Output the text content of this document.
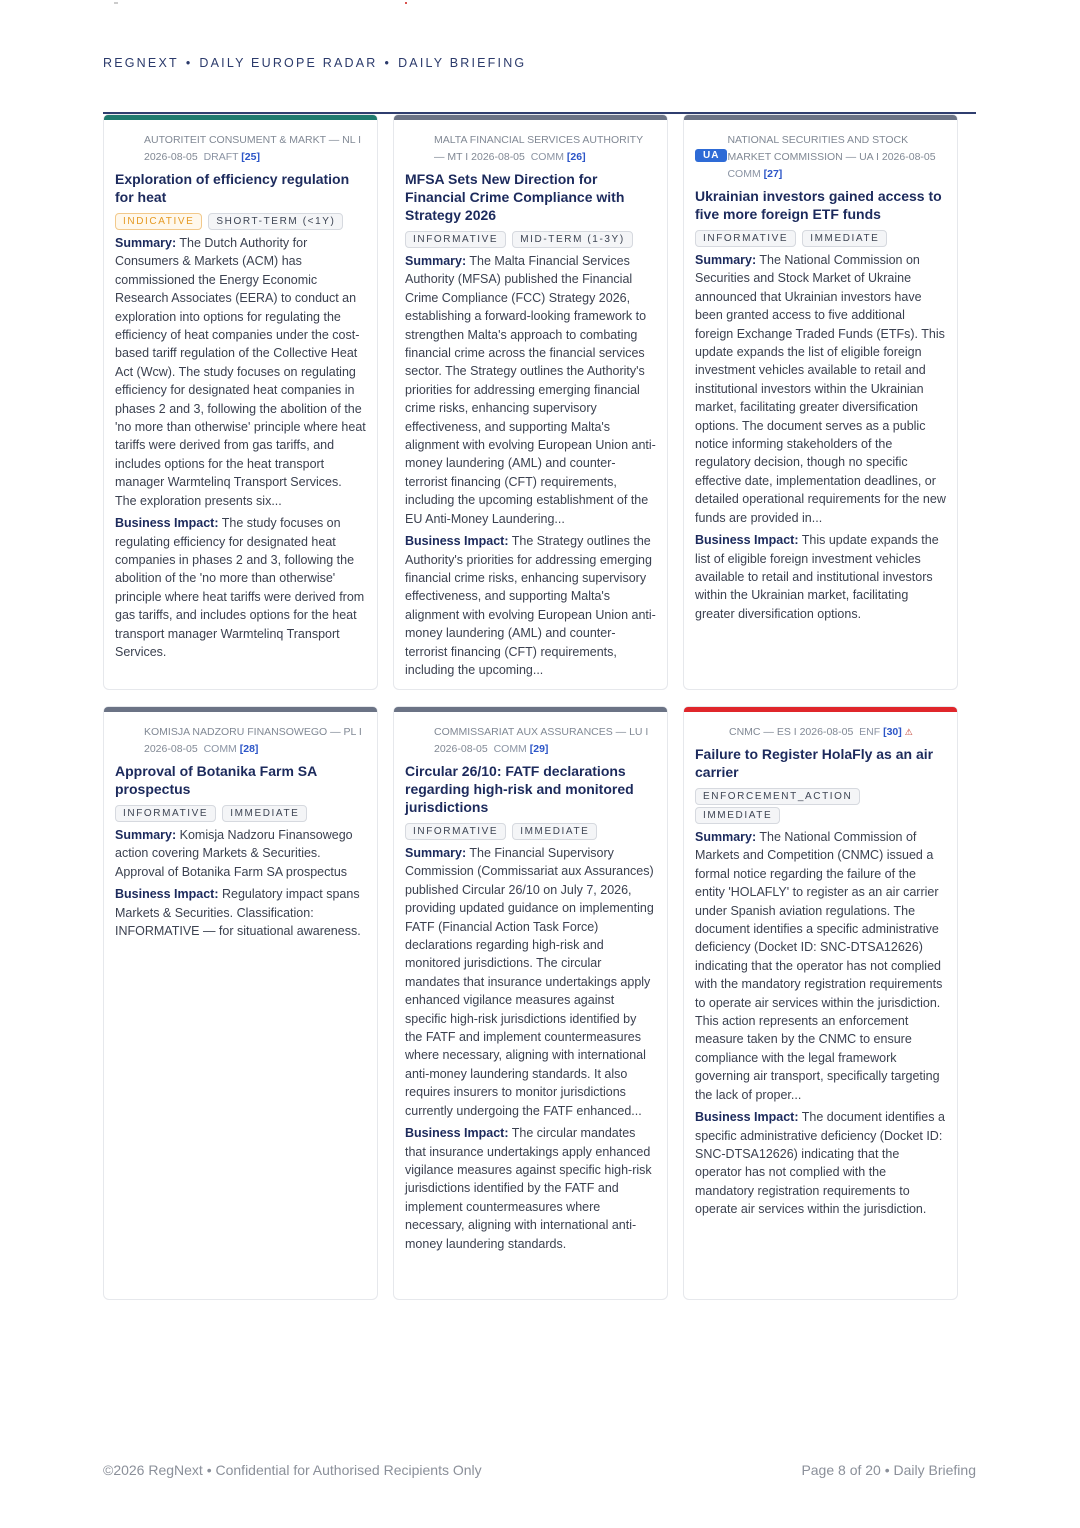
REGNEXT • DAILY EUROPE RADAR • DAILY BRIEFING
AUTORITEIT CONSUMENT & MARKT — NL I 2026-08-05 DRAFT [25]
Exploration of efficiency regulation for heat
INDICATIVE SHORT-TERM (<1Y)
Summary: The Dutch Authority for Consumers & Markets (ACM) has commissioned the Energy Economic Research Associates (EERA) to conduct an exploration into options for regulating the efficiency of heat companies under the cost-based tariff regulation of the Collective Heat Act (Wcw). The study focuses on regulating efficiency for designated heat companies in phases 2 and 3, following the abolition of the 'no more than otherwise' principle where heat tariffs were derived from gas tariffs, and includes options for the heat transport manager Warmtelinq Transport Services. The exploration presents six...
Business Impact: The study focuses on regulating efficiency for designated heat companies in phases 2 and 3, following the abolition of the 'no more than otherwise' principle where heat tariffs were derived from gas tariffs, and includes options for the heat transport manager Warmtelinq Transport Services.
MALTA FINANCIAL SERVICES AUTHORITY — MT I 2026-08-05 COMM [26]
MFSA Sets New Direction for Financial Crime Compliance with Strategy 2026
INFORMATIVE MID-TERM (1-3Y)
Summary: The Malta Financial Services Authority (MFSA) published the Financial Crime Compliance (FCC) Strategy 2026, establishing a forward-looking framework to strengthen Malta's approach to combating financial crime across the financial services sector. The Strategy outlines the Authority's priorities for addressing emerging financial crime risks, enhancing supervisory effectiveness, and supporting Malta's alignment with evolving European Union anti-money laundering (AML) and counter-terrorist financing (CFT) requirements, including the upcoming establishment of the EU Anti-Money Laundering...
Business Impact: The Strategy outlines the Authority's priorities for addressing emerging financial crime risks, enhancing supervisory effectiveness, and supporting Malta's alignment with evolving European Union anti-money laundering (AML) and counter-terrorist financing (CFT) requirements, including the upcoming...
UA
NATIONAL SECURITIES AND STOCK MARKET COMMISSION — UA I 2026-08-05  COMM [27]
Ukrainian investors gained access to five more foreign ETF funds
INFORMATIVE IMMEDIATE
Summary: The National Commission on Securities and Stock Market of Ukraine announced that Ukrainian investors have been granted access to five additional foreign Exchange Traded Funds (ETFs). This update expands the list of eligible foreign investment vehicles available to retail and institutional investors within the Ukrainian market, facilitating greater diversification options. The document serves as a public notice informing stakeholders of the regulatory decision, though no specific effective date, implementation deadlines, or detailed operational requirements for the new funds are provided in...
Business Impact: This update expands the list of eligible foreign investment vehicles available to retail and institutional investors within the Ukrainian market, facilitating greater diversification options.
KOMISJA NADZORU FINANSOWEGO — PL I 2026-08-05 COMM [28]
Approval of Botanika Farm SA prospectus
INFORMATIVE IMMEDIATE
Summary: Komisja Nadzoru Finansowego action covering Markets & Securities. Approval of Botanika Farm SA prospectus
Business Impact: Regulatory impact spans Markets & Securities. Classification: INFORMATIVE — for situational awareness.
COMMISSARIAT AUX ASSURANCES — LU I 2026-08-05 COMM [29]
Circular 26/10: FATF declarations regarding high-risk and monitored jurisdictions
INFORMATIVE IMMEDIATE
Summary: The Financial Supervisory Commission (Commissariat aux Assurances) published Circular 26/10 on July 7, 2026, providing updated guidance on implementing FATF (Financial Action Task Force) declarations regarding high-risk and monitored jurisdictions. The circular mandates that insurance undertakings apply enhanced vigilance measures against specific high-risk jurisdictions identified by the FATF and implement countermeasures where necessary, aligning with international anti-money laundering standards. It also requires insurers to monitor jurisdictions currently undergoing the FATF enhanced...
Business Impact: The circular mandates that insurance undertakings apply enhanced vigilance measures against specific high-risk jurisdictions identified by the FATF and implement countermeasures where necessary, aligning with international anti-money laundering standards.
CNMC — ES I 2026-08-05 ENF [30] ⚠
Failure to Register HolaFly as an air carrier
ENFORCEMENT_ACTIONIMMEDIATE
Summary: The National Commission of Markets and Competition (CNMC) issued a formal notice regarding the failure of the entity 'HOLAFLY' to register as an air carrier under Spanish aviation regulations. The document identifies a specific administrative deficiency (Docket ID: SNC-DTSA12626) indicating that the operator has not complied with the mandatory registration requirements to operate air services within the jurisdiction. This action represents an enforcement measure taken by the CNMC to ensure compliance with the legal framework governing air transport, specifically targeting the lack of proper...
Business Impact: The document identifies a specific administrative deficiency (Docket ID: SNC-DTSA12626) indicating that the operator has not complied with the mandatory registration requirements to operate air services within the jurisdiction.
©2026 RegNext • Confidential for Authorised Recipients Only	Page 8 of 20 • Daily Briefing
